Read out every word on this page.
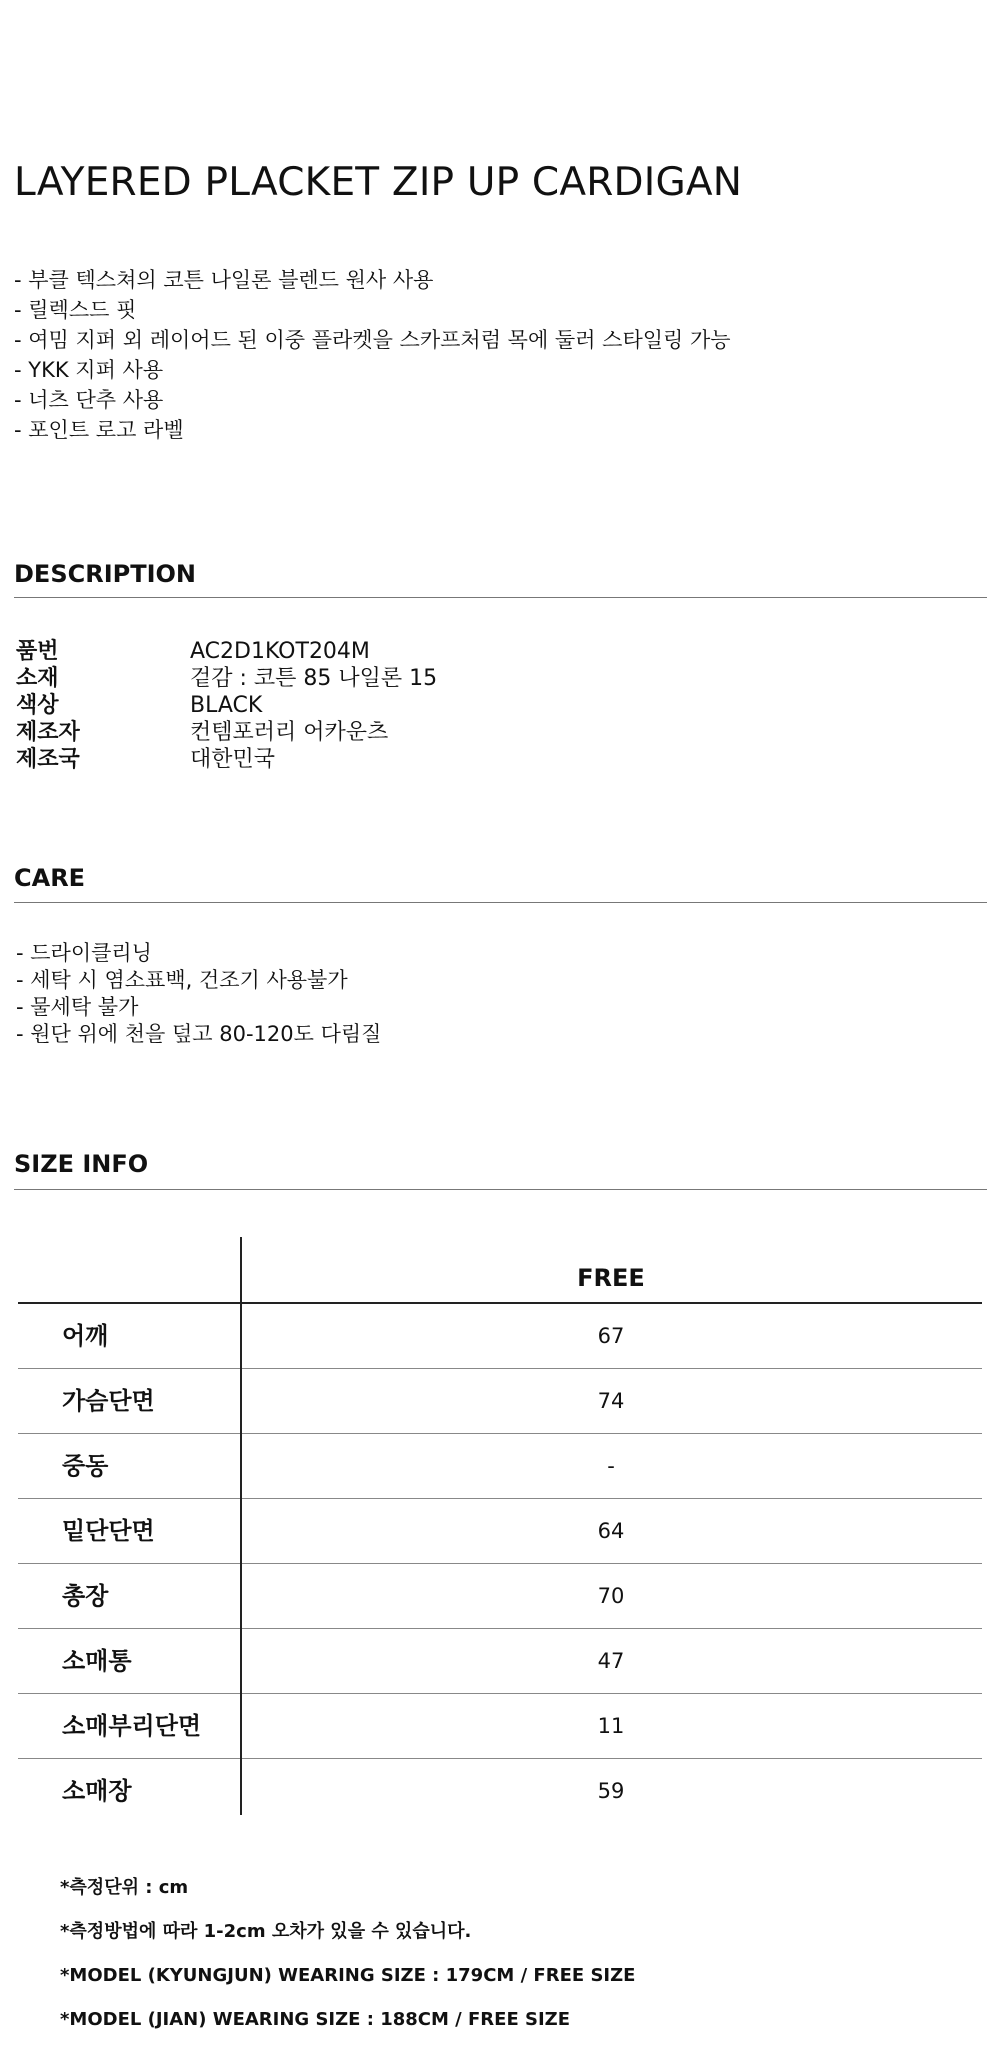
LAYERED PLACKET ZIP UP CARDIGAN
- 부클 텍스쳐의 코튼 나일론 블렌드 원사 사용
- 릴렉스드 핏
- 여밈 지퍼 외 레이어드 된 이중 플라켓을 스카프처럼 목에 둘러 스타일링 가능
- YKK 지퍼 사용
- 너츠 단추 사용
- 포인트 로고 라벨
DESCRIPTION
품번	AC2D1KOT204M
소재	겉감 : 코튼 85 나일론 15
색상	BLACK
제조자	컨템포러리 어카운츠
제조국	대한민국
CARE
- 드라이클리닝
- 세탁 시 염소표백, 건조기 사용불가
- 물세탁 불가
- 원단 위에 천을 덮고 80-120도 다림질
SIZE INFO
FREE
어깨	67
가슴단면	74
중동	-
밑단단면	64
총장	70
소매통	47
소매부리단면	11
소매장	59
*측정단위 : cm
*측정방법에 따라 1-2cm 오차가 있을 수 있습니다.
*MODEL (KYUNGJUN) WEARING SIZE : 179CM / FREE SIZE
*MODEL (JIAN) WEARING SIZE : 188CM / FREE SIZE
